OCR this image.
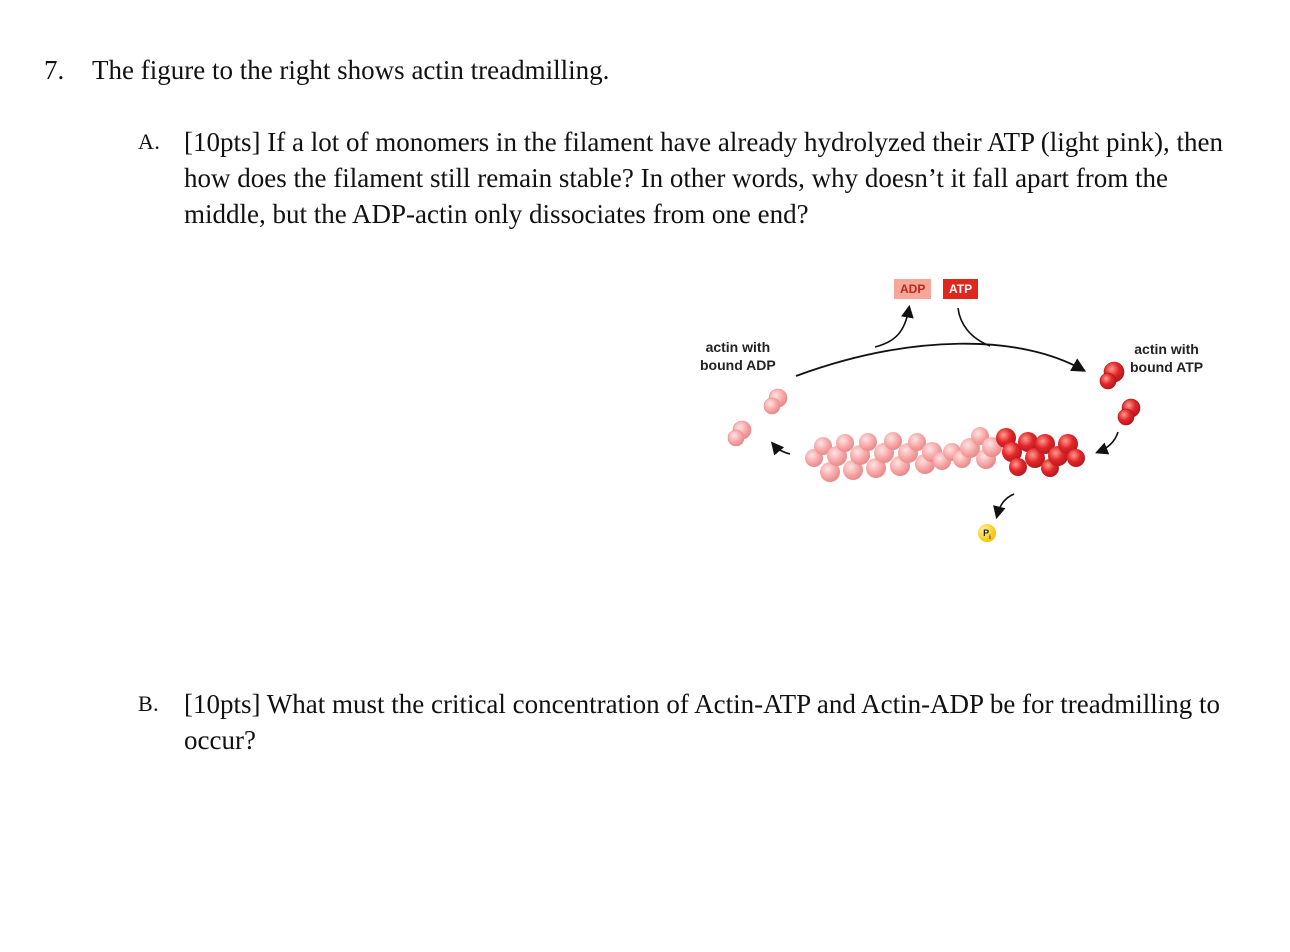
7. The figure to the right shows actin treadmilling.
A. [10pts] If a lot of monomers in the filament have already hydrolyzed their ATP (light pink), then how does the filament still remain stable? In other words, why doesn’t it fall apart from the middle, but the ADP-actin only dissociates from one end?
ADP	ATP
actin with
bound ADP
actin with
bound ATP
$P_i$
B. [10pts] What must the critical concentration of Actin-ATP and Actin-ADP be for treadmilling to occur?
